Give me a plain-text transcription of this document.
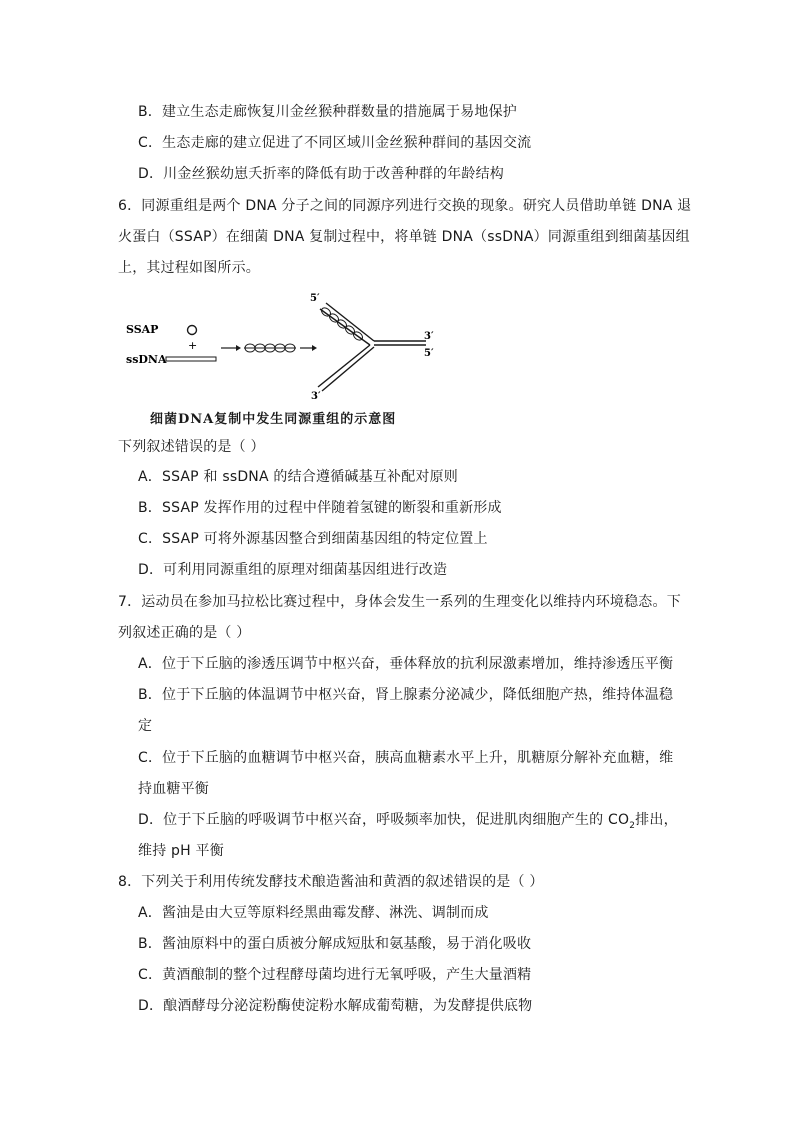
B．建立生态走廊恢复川金丝猴种群数量的措施属于易地保护
C．生态走廊的建立促进了不同区域川金丝猴种群间的基因交流
D．川金丝猴幼崽夭折率的降低有助于改善种群的年龄结构
6．同源重组是两个 DNA 分子之间的同源序列进行交换的现象。研究人员借助单链 DNA 退
火蛋白（SSAP）在细菌 DNA 复制过程中，将单链 DNA（ssDNA）同源重组到细菌基因组
上，其过程如图所示。
SSAP
+
ssDNA
5′
3′
5′
3′
细菌DNA复制中发生同源重组的示意图
下列叙述错误的是（ ）
A．SSAP 和 ssDNA 的结合遵循碱基互补配对原则
B．SSAP 发挥作用的过程中伴随着氢键的断裂和重新形成
C．SSAP 可将外源基因整合到细菌基因组的特定位置上
D．可利用同源重组的原理对细菌基因组进行改造
7．运动员在参加马拉松比赛过程中，身体会发生一系列的生理变化以维持内环境稳态。下
列叙述正确的是（ ）
A．位于下丘脑的渗透压调节中枢兴奋，垂体释放的抗利尿激素增加，维持渗透压平衡
B．位于下丘脑的体温调节中枢兴奋，肾上腺素分泌减少，降低细胞产热，维持体温稳
定
C．位于下丘脑的血糖调节中枢兴奋，胰高血糖素水平上升，肌糖原分解补充血糖，维
持血糖平衡
D．位于下丘脑的呼吸调节中枢兴奋，呼吸频率加快，促进肌肉细胞产生的 $CO_2$排出，
维持 pH 平衡
8．下列关于利用传统发酵技术酿造酱油和黄酒的叙述错误的是（ ）
A．酱油是由大豆等原料经黑曲霉发酵、淋洗、调制而成
B．酱油原料中的蛋白质被分解成短肽和氨基酸，易于消化吸收
C．黄酒酿制的整个过程酵母菌均进行无氧呼吸，产生大量酒精
D．酿酒酵母分泌淀粉酶使淀粉水解成葡萄糖，为发酵提供底物
